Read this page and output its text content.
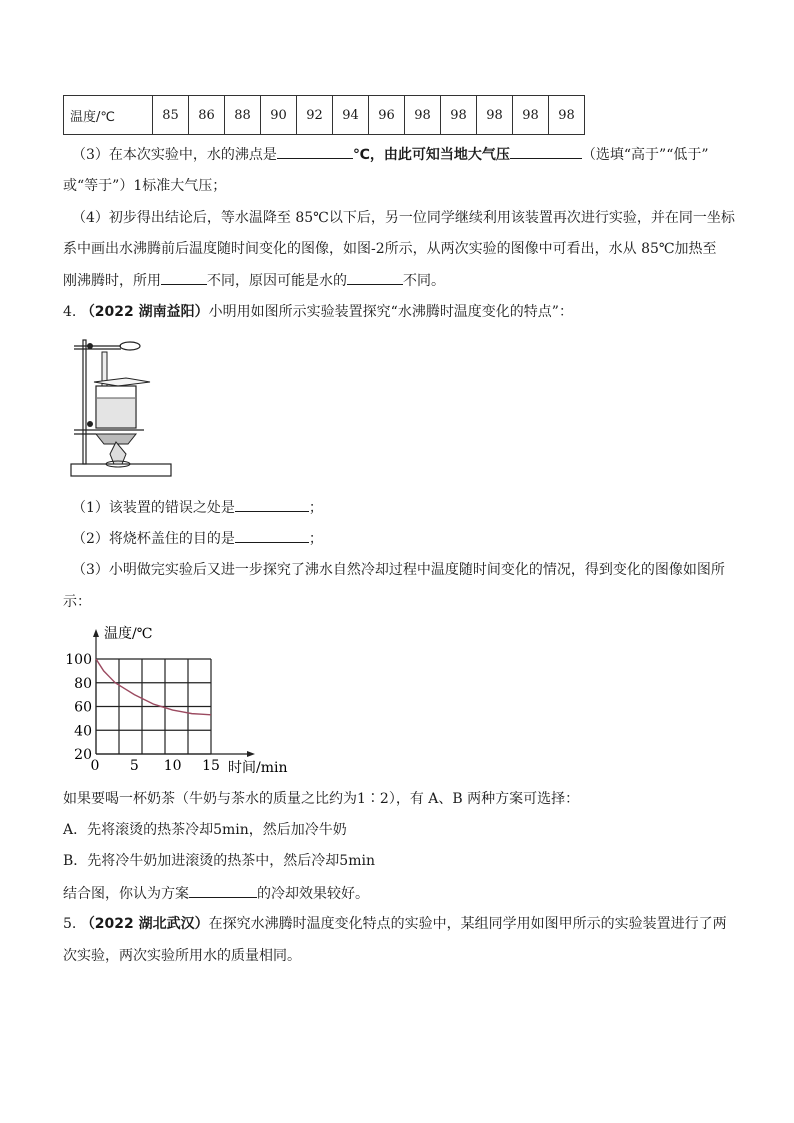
温度/℃	85	86	88	90	92	94	96	98	98	98	98	98
（3）在本次实验中，水的沸点是	℃，由此可知当地大气压	（选填“高于”“低于”
或“等于”）1标准大气压；
（4）初步得出结论后，等水温降至 85℃以下后，另一位同学继续利用该装置再次进行实验，并在同一坐标
系中画出水沸腾前后温度随时间变化的图像，如图-2所示，从两次实验的图像中可看出，水从 85℃加热至
刚沸腾时，所用	不同，原因可能是水的	不同。
4. （2022 湖南益阳）小明用如图所示实验装置探究“水沸腾时温度变化的特点”：
（1）该装置的错误之处是	；
（2）将烧杯盖住的目的是	；
（3）小明做完实验后又进一步探究了沸水自然冷却过程中温度随时间变化的情况，得到变化的图像如图所
示：
20
40
60
80
100
0 5 10 15
温度/℃
时间/min
如果要喝一杯奶茶（牛奶与茶水的质量之比约为1∶2），有 A、B 两种方案可选择：
A．先将滚烫的热茶冷却5min，然后加冷牛奶
B．先将冷牛奶加进滚烫的热茶中，然后冷却5min
结合图，你认为方案	的冷却效果较好。
5. （2022 湖北武汉）在探究水沸腾时温度变化特点的实验中，某组同学用如图甲所示的实验装置进行了两
次实验，两次实验所用水的质量相同。
